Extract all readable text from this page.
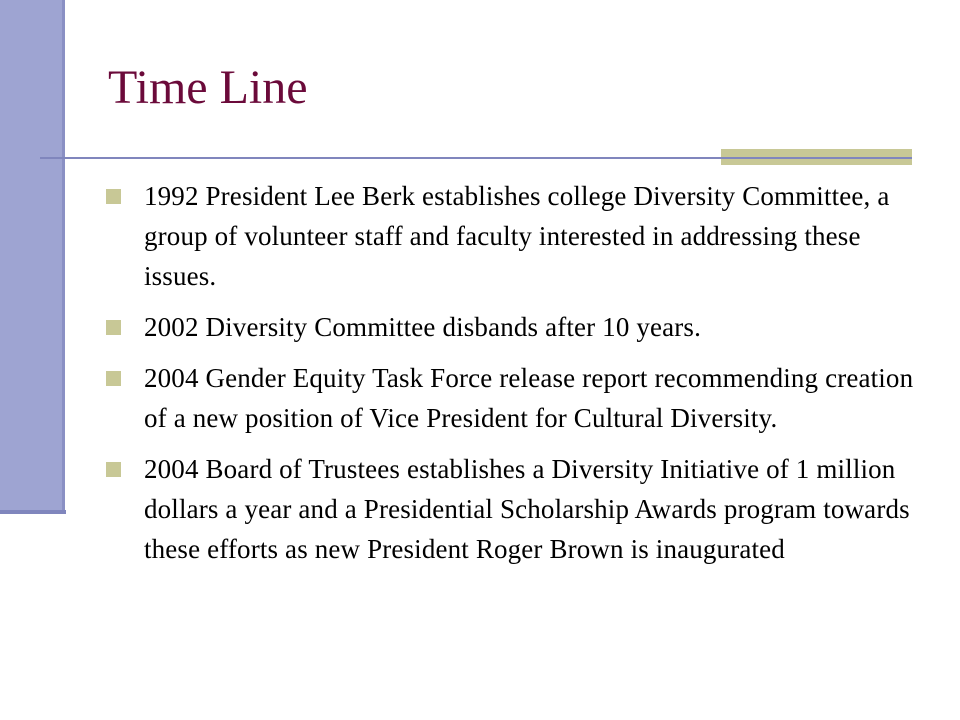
Time Line
1992 President Lee Berk establishes college Diversity Committee, a group of volunteer staff and faculty interested in addressing these issues.
2002 Diversity Committee disbands after 10 years.
2004 Gender Equity Task Force release report recommending creation of a new position of Vice President for Cultural Diversity.
2004 Board of Trustees establishes a Diversity Initiative of 1 million dollars a year and a Presidential Scholarship Awards program towards these efforts as new President Roger Brown is inaugurated
